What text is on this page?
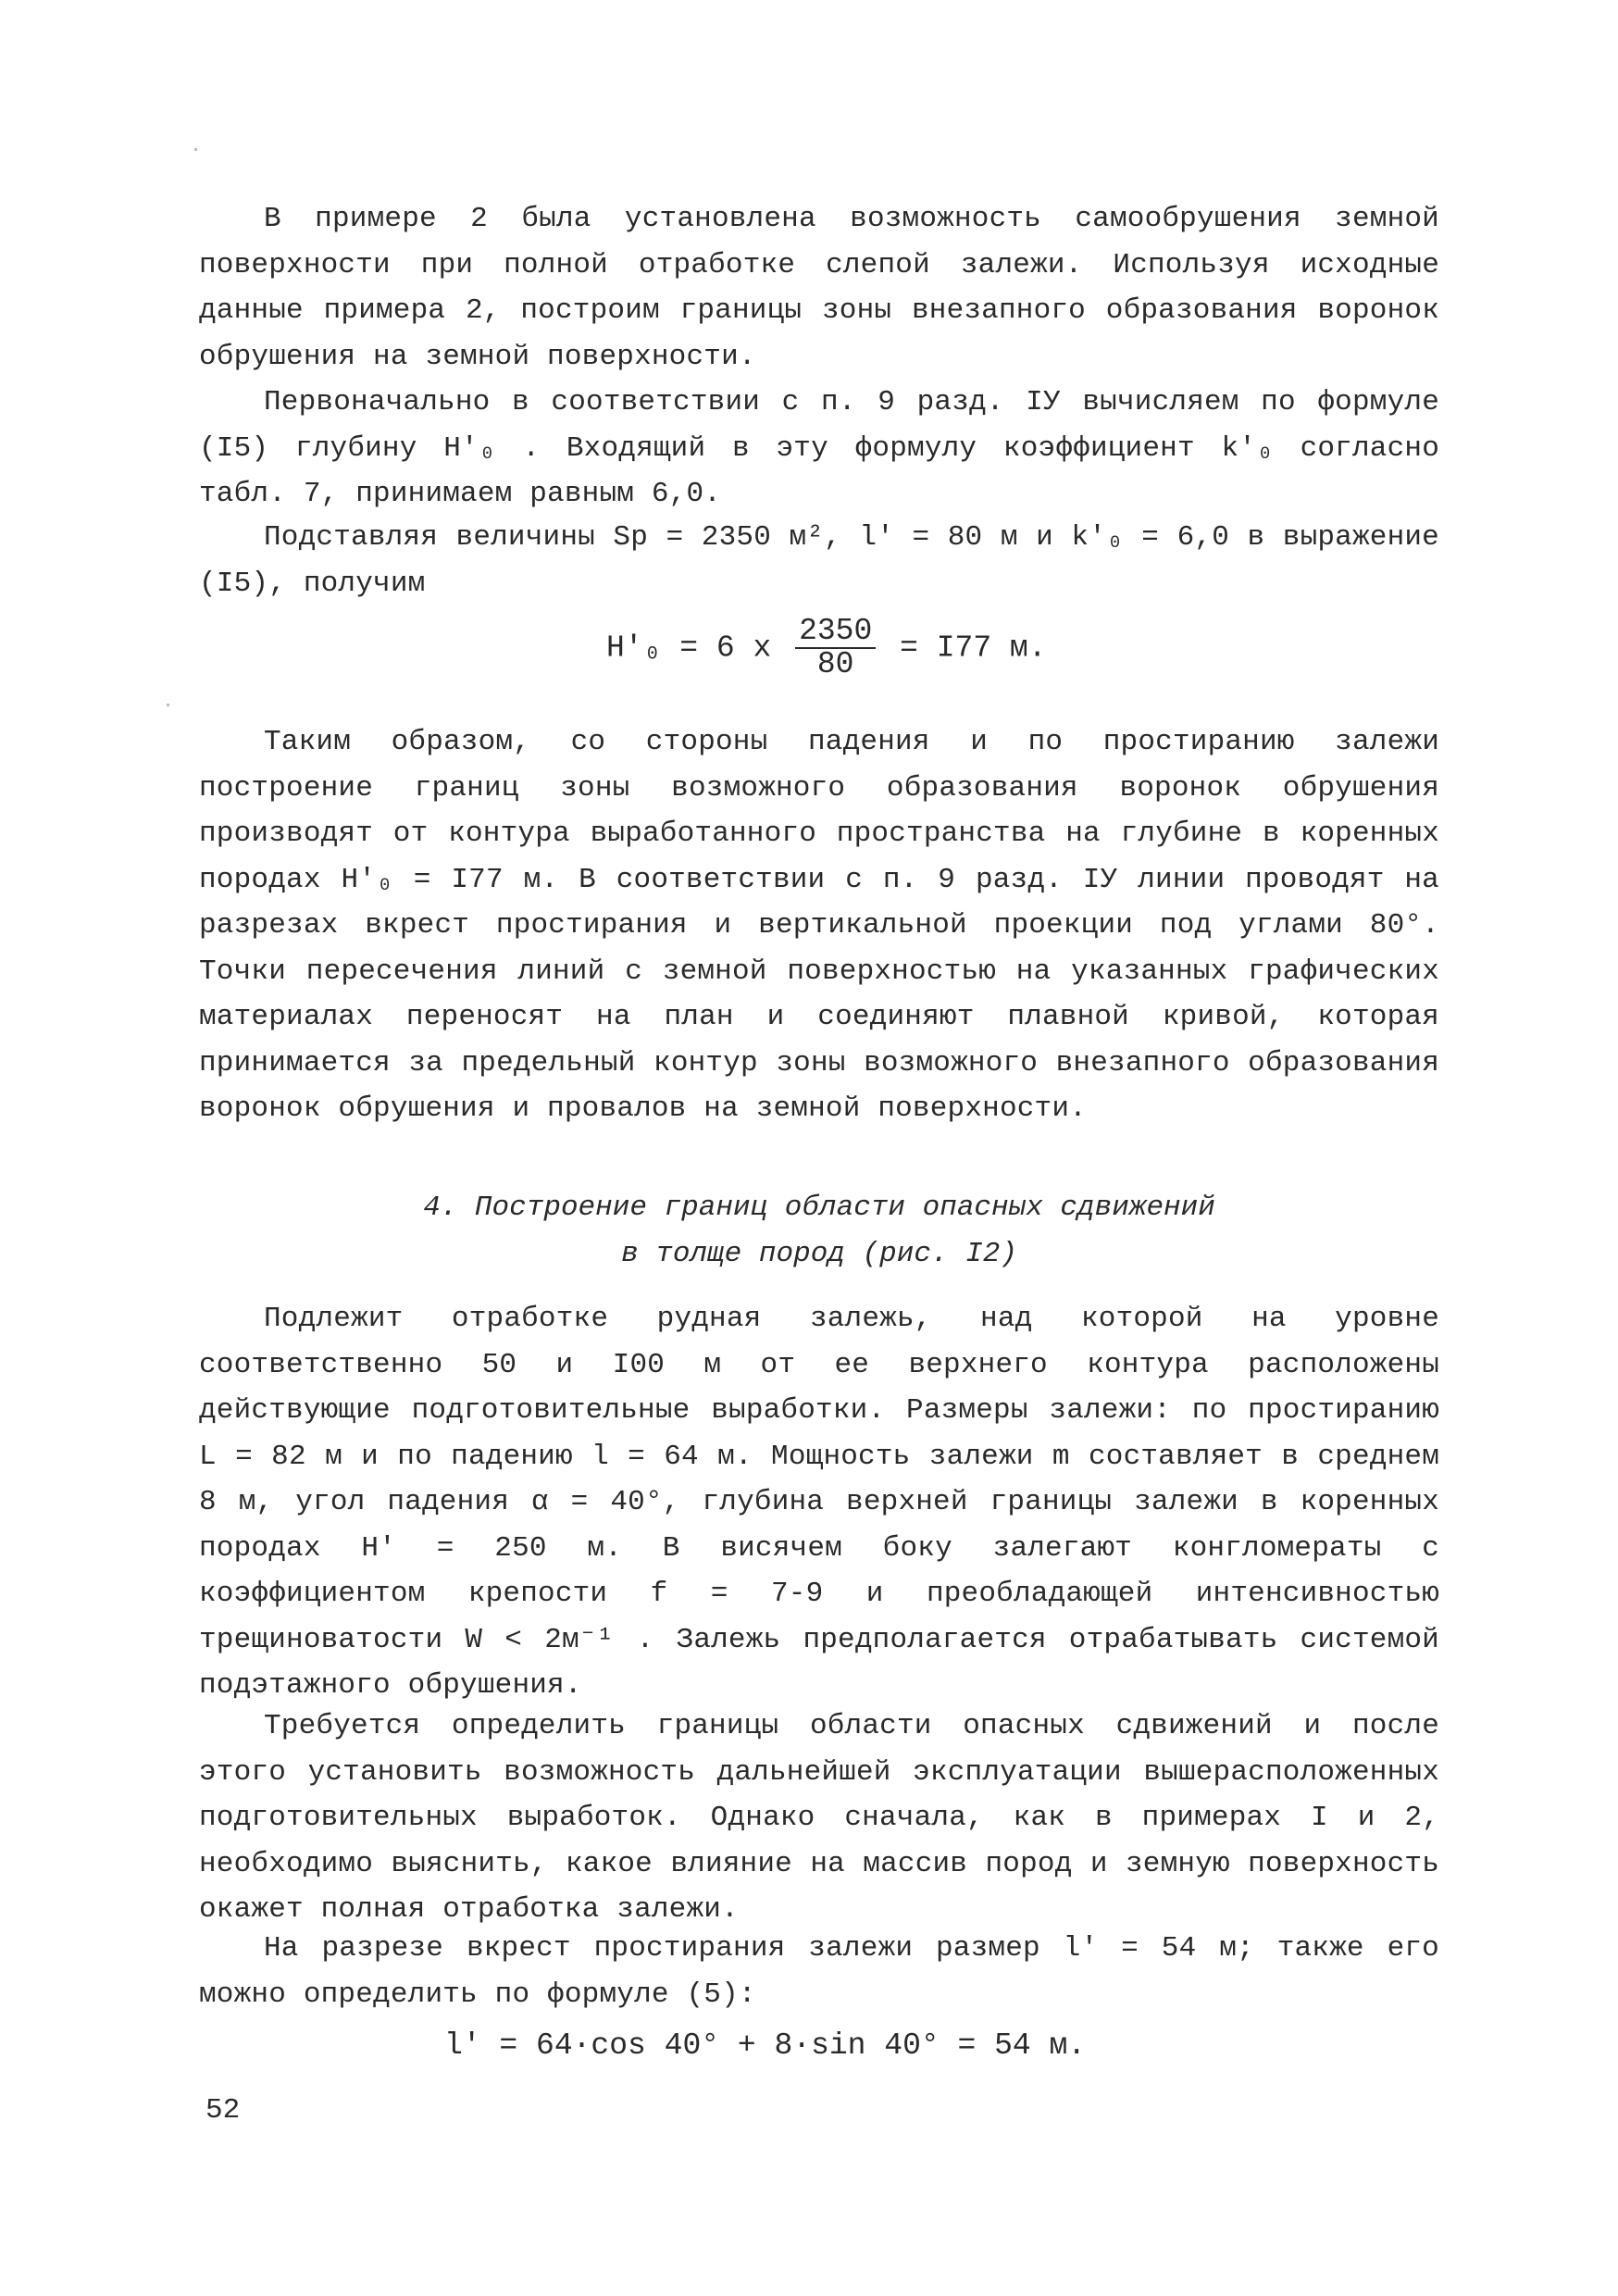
В примере 2 была установлена возможность самообрушения земной поверхности при полной отработке слепой залежи. Используя исходные данные примера 2, построим границы зоны внезапного образования воронок обрушения на земной поверхности.

Первоначально в соответствии с п. 9 разд. IУ вычисляем по формуле (I5) глубину H'₀ . Входящий в эту формулу коэффициент k'₀ согласно табл. 7, принимаем равным 6,0.

Подставляя величины Sp = 2350 м², l' = 80 м и k'₀ = 6,0 в выражение (I5), получим

H'₀ = 6 x $\frac{2350}{80} = I77$ м.

Таким образом, со стороны падения и по простиранию залежи построение границ зоны возможного образования воронок обрушения производят от контура выработанного пространства на глубине в коренных породах H'₀ = I77 м. В соответствии с п. 9 разд. IУ линии проводят на разрезах вкрест простирания и вертикальной проекции под углами 80°. Точки пересечения линий с земной поверхностью на указанных графических материалах переносят на план и соединяют плавной кривой, которая принимается за предельный контур зоны возможного внезапного образования воронок обрушения и провалов на земной поверхности.

4. Построение границ области опасных сдвижений
в толще пород (рис. I2)

Подлежит отработке рудная залежь, над которой на уровне соответственно 50 и I00 м от ее верхнего контура расположены действующие подготовительные выработки. Размеры залежи: по простиранию L = 82 м и по падению l = 64 м. Мощность залежи m составляет в среднем 8 м, угол падения α = 40°, глубина верхней границы залежи в коренных породах H' = 250 м. В висячем боку залегают конгломераты с коэффициентом крепости f = 7-9 и преобладающей интенсивностью трещиноватости W < 2м⁻¹ . Залежь предполагается отрабатывать системой подэтажного обрушения.

Требуется определить границы области опасных сдвижений и после этого установить возможность дальнейшей эксплуатации вышерасположенных подготовительных выработок. Однако сначала, как в примерах I и 2, необходимо выяснить, какое влияние на массив пород и земную поверхность окажет полная отработка залежи.

На разрезе вкрест простирания залежи размер l' = 54 м; также его можно определить по формуле (5):

l' = 64·cos 40° + 8·sin 40° = 54 м.
52
